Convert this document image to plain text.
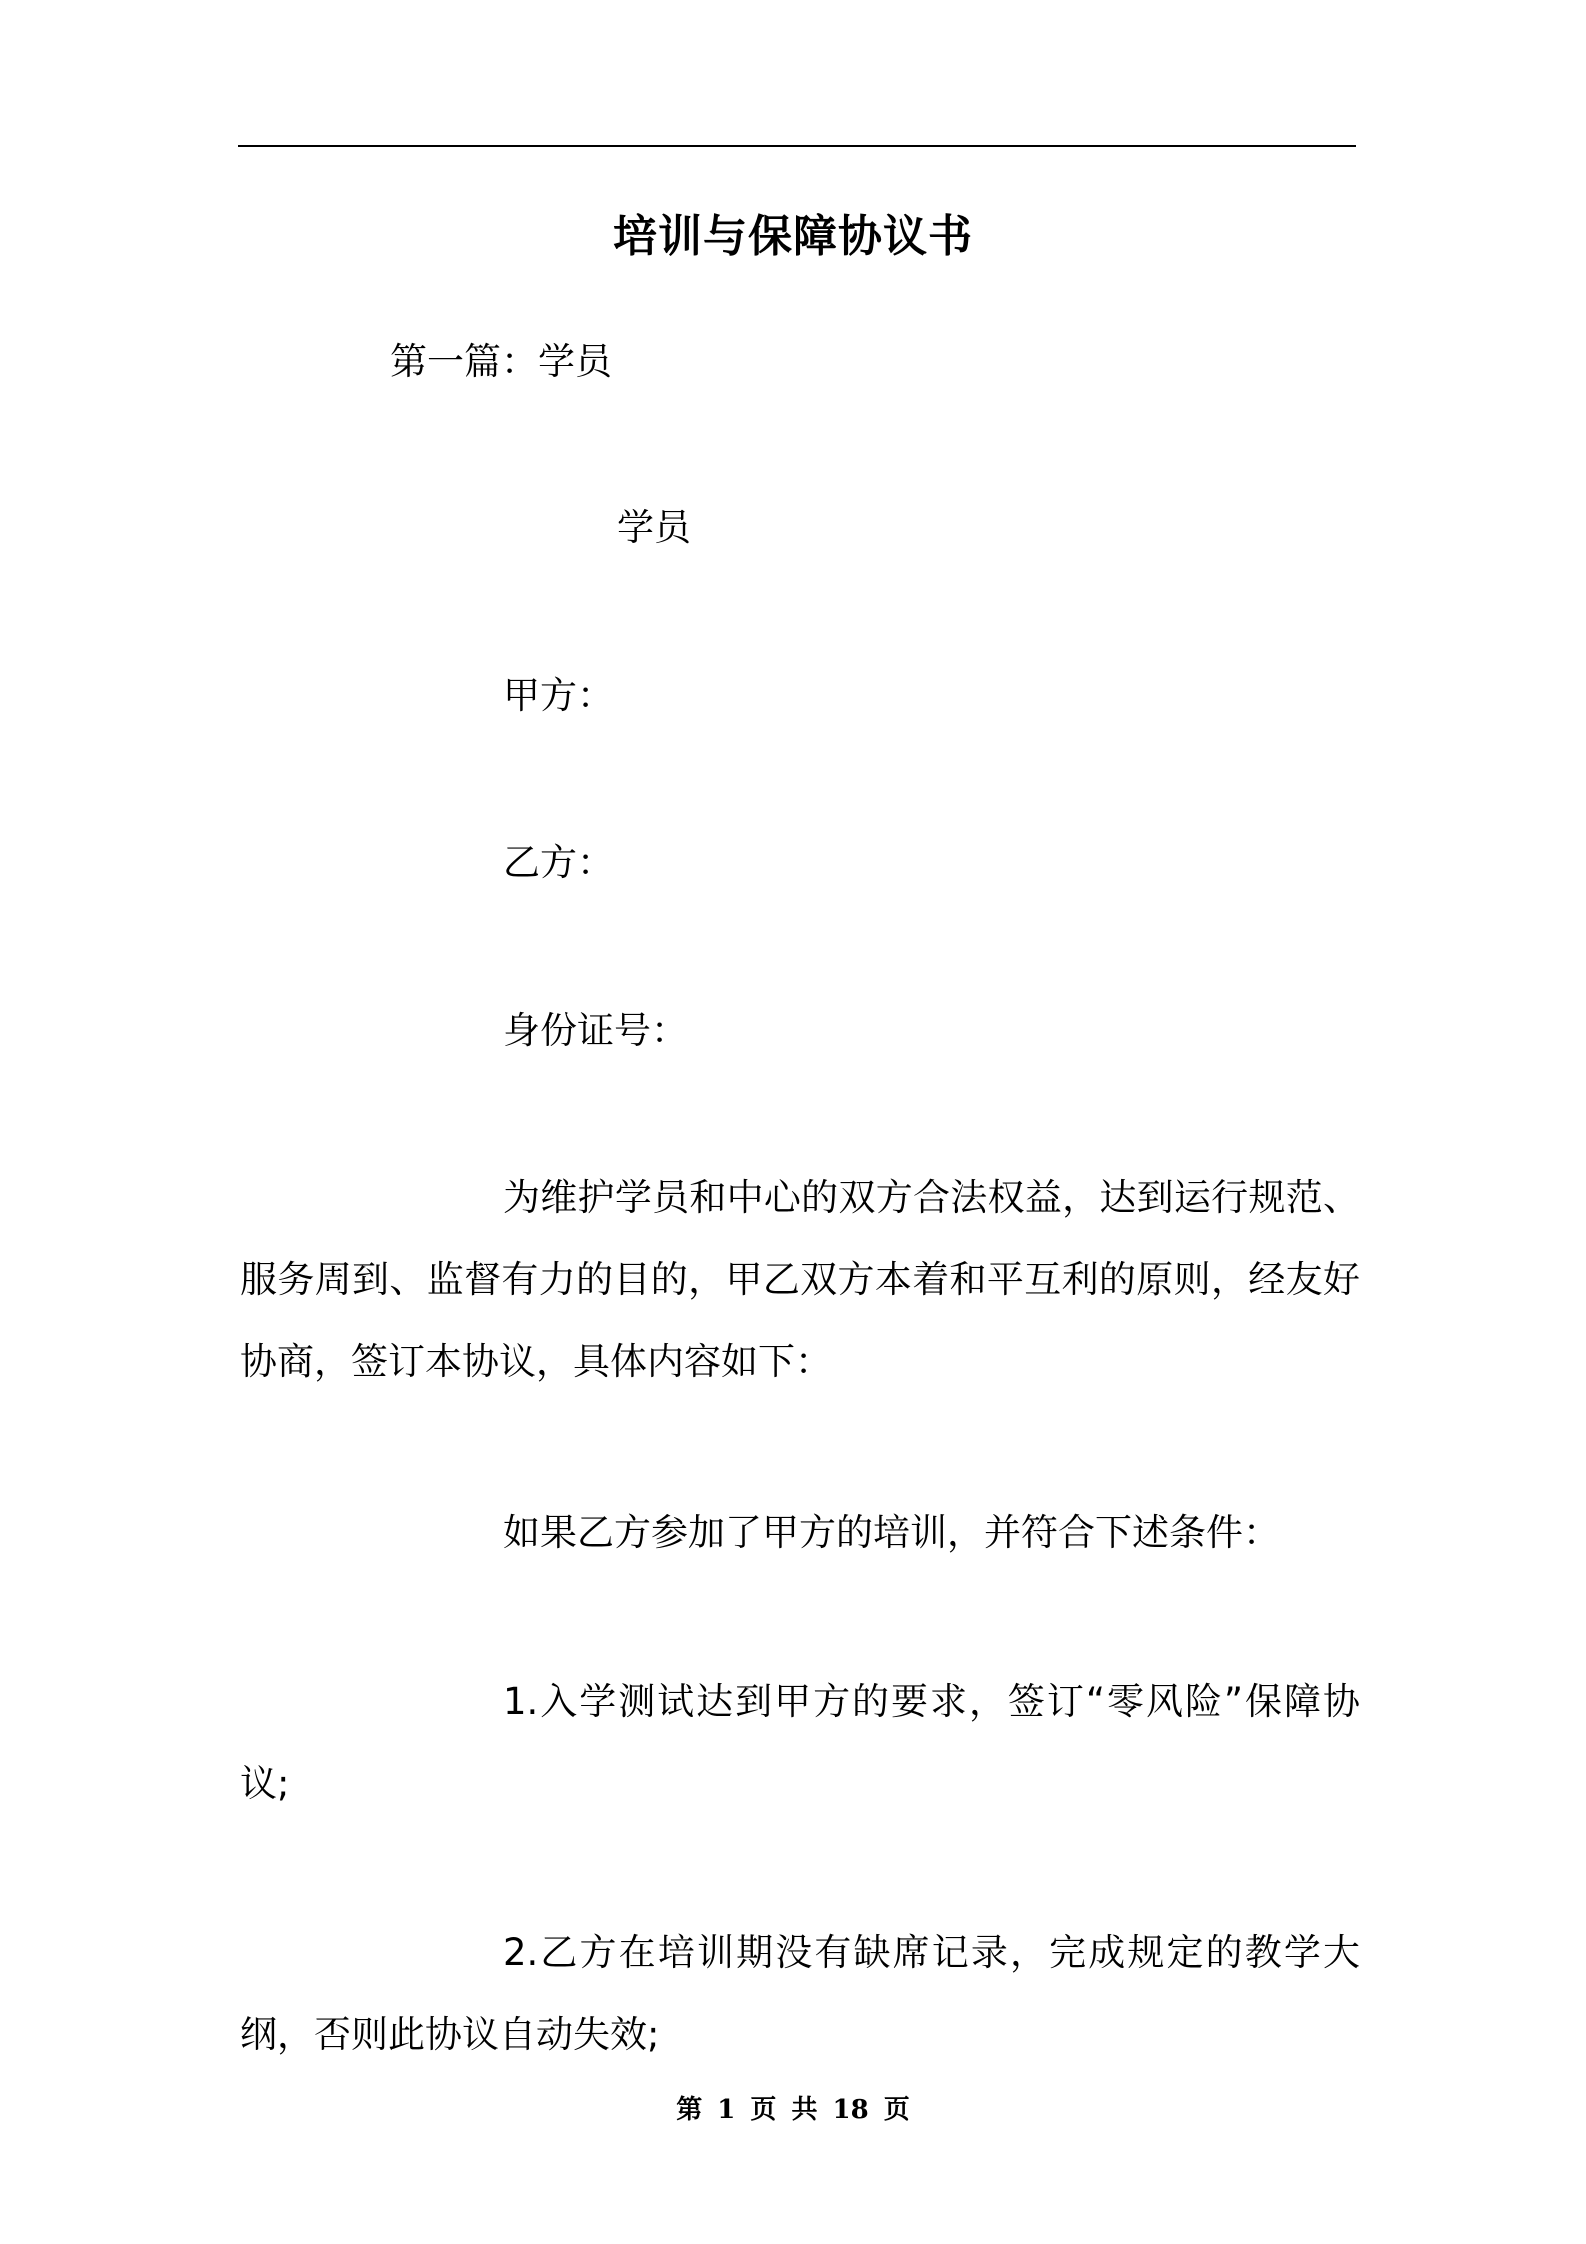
培训与保障协议书
第一篇：学员
学员
甲方：
乙方：
身份证号：
为维护学员和中心的双方合法权益，达到运行规范、服务周到、监督有力的目的，甲乙双方本着和平互利的原则，经友好协商，签订本协议，具体内容如下：
如果乙方参加了甲方的培训，并符合下述条件：
1.入学测试达到甲方的要求，签订“零风险”保障协议;
2.乙方在培训期没有缺席记录，完成规定的教学大纲，否则此协议自动失效;
第 1 页 共 18 页
